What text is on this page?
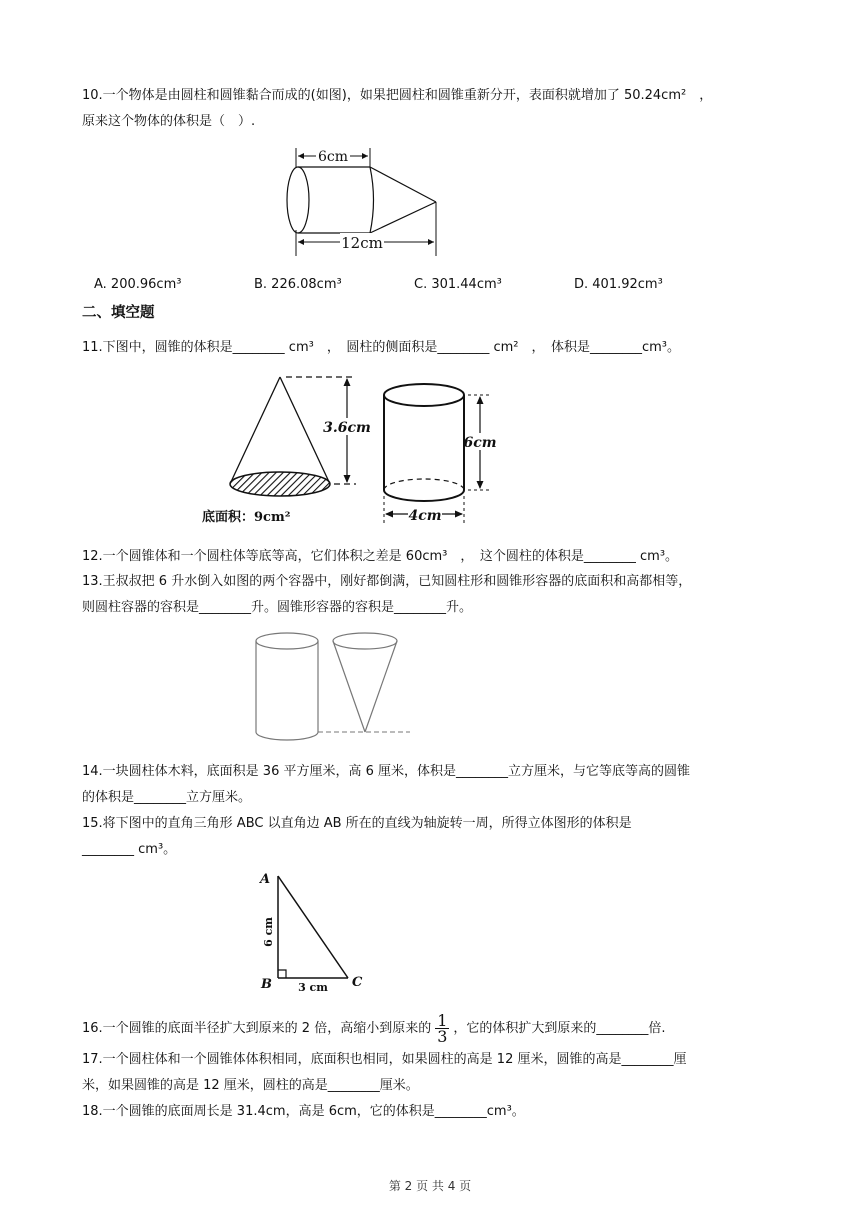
10.一个物体是由圆柱和圆锥黏合而成的(如图)，如果把圆柱和圆锥重新分开，表面积就增加了 50.24cm²　，
原来这个物体的体积是（　）.
6cm
12cm
A. 200.96cm³	B. 226.08cm³	C. 301.44cm³	D. 401.92cm³
二、填空题
11.下图中，圆锥的体积是________ cm³　，　圆柱的侧面积是________ cm²　，　体积是________cm³。
3.6cm
底面积：9cm²
6cm
4cm
12.一个圆锥体和一个圆柱体等底等高，它们体积之差是 60cm³　，　这个圆柱的体积是________ cm³。
13.王叔叔把 6 升水倒入如图的两个容器中，刚好都倒满，已知圆柱形和圆锥形容器的底面积和高都相等，
则圆柱容器的容积是________升。圆锥形容器的容积是________升。
14.一块圆柱体木料，底面积是 36 平方厘米，高 6 厘米，体积是________立方厘米，与它等底等高的圆锥
的体积是________立方厘米。
15.将下图中的直角三角形 ABC 以直角边 AB 所在的直线为轴旋转一周，所得立体图形的体积是
________ cm³。
A
B	C
6 cm
3 cm
16.一个圆锥的底面半径扩大到原来的 2 倍，高缩小到原来的 $\frac{1}{3}$ ，它的体积扩大到原来的________倍.
17.一个圆柱体和一个圆锥体体积相同，底面积也相同，如果圆柱的高是 12 厘米，圆锥的高是________厘
米，如果圆锥的高是 12 厘米，圆柱的高是________厘米。
18.一个圆锥的底面周长是 31.4cm，高是 6cm，它的体积是________cm³。
第 2 页 共 4 页
